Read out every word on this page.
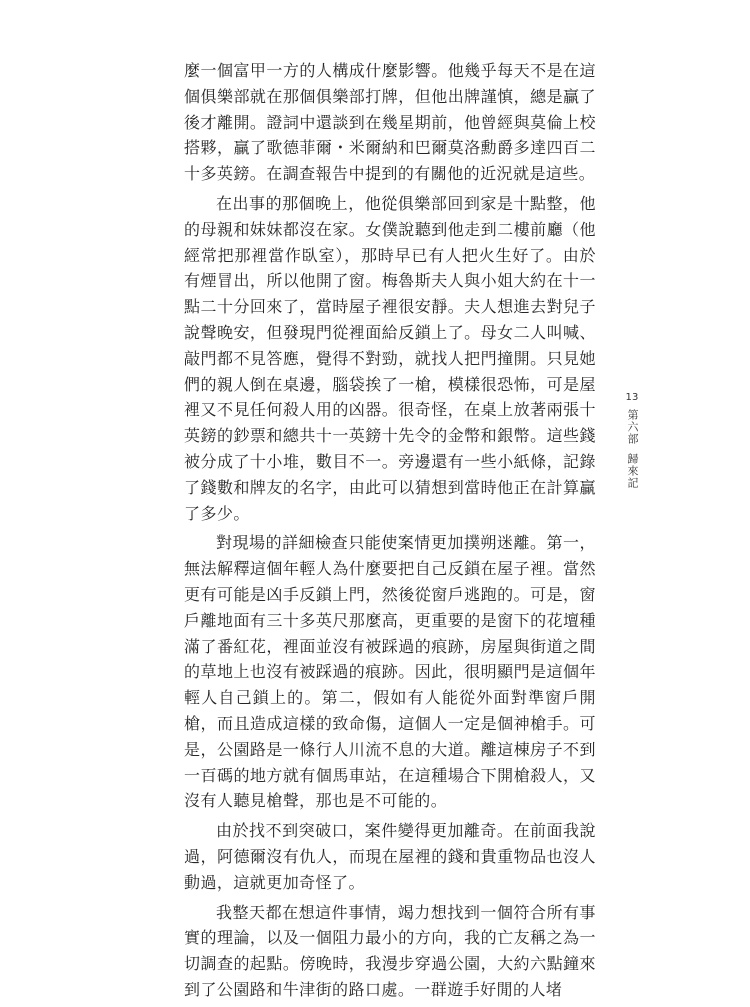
麼一個富甲一方的人構成什麼影響。他幾乎每天不是在這個俱樂部就在那個俱樂部打牌，但他出牌謹慎，總是贏了後才離開。證詞中還談到在幾星期前，他曾經與莫倫上校搭夥，贏了歌德菲爾・米爾納和巴爾莫洛勳爵多達四百二十多英鎊。在調查報告中提到的有關他的近況就是這些。

在出事的那個晚上，他從俱樂部回到家是十點整，他的母親和妹妹都沒在家。女僕說聽到他走到二樓前廳（他經常把那裡當作臥室），那時早已有人把火生好了。由於有煙冒出，所以他開了窗。梅魯斯夫人與小姐大約在十一點二十分回來了，當時屋子裡很安靜。夫人想進去對兒子說聲晚安，但發現門從裡面給反鎖上了。母女二人叫喊、敲門都不見答應，覺得不對勁，就找人把門撞開。只見她們的親人倒在桌邊，腦袋挨了一槍，模樣很恐怖，可是屋裡又不見任何殺人用的凶器。很奇怪，在桌上放著兩張十英鎊的鈔票和總共十一英鎊十先令的金幣和銀幣。這些錢被分成了十小堆，數目不一。旁邊還有一些小紙條，記錄了錢數和牌友的名字，由此可以猜想到當時他正在計算贏了多少。

對現場的詳細檢查只能使案情更加撲朔迷離。第一，無法解釋這個年輕人為什麼要把自己反鎖在屋子裡。當然更有可能是凶手反鎖上門，然後從窗戶逃跑的。可是，窗戶離地面有三十多英尺那麼高，更重要的是窗下的花壇種滿了番紅花，裡面並沒有被踩過的痕跡，房屋與街道之間的草地上也沒有被踩過的痕跡。因此，很明顯門是這個年輕人自己鎖上的。第二，假如有人能從外面對準窗戶開槍，而且造成這樣的致命傷，這個人一定是個神槍手。可是，公園路是一條行人川流不息的大道。離這棟房子不到一百碼的地方就有個馬車站，在這種場合下開槍殺人，又沒有人聽見槍聲，那也是不可能的。

由於找不到突破口，案件變得更加離奇。在前面我說過，阿德爾沒有仇人，而現在屋裡的錢和貴重物品也沒人動過，這就更加奇怪了。

我整天都在想這件事情，竭力想找到一個符合所有事實的理論，以及一個阻力最小的方向，我的亡友稱之為一切調查的起點。傍晚時，我漫步穿過公園，大約六點鐘來到了公園路和牛津街的路口處。一群遊手好閒的人堵

13
第六部
歸來記
